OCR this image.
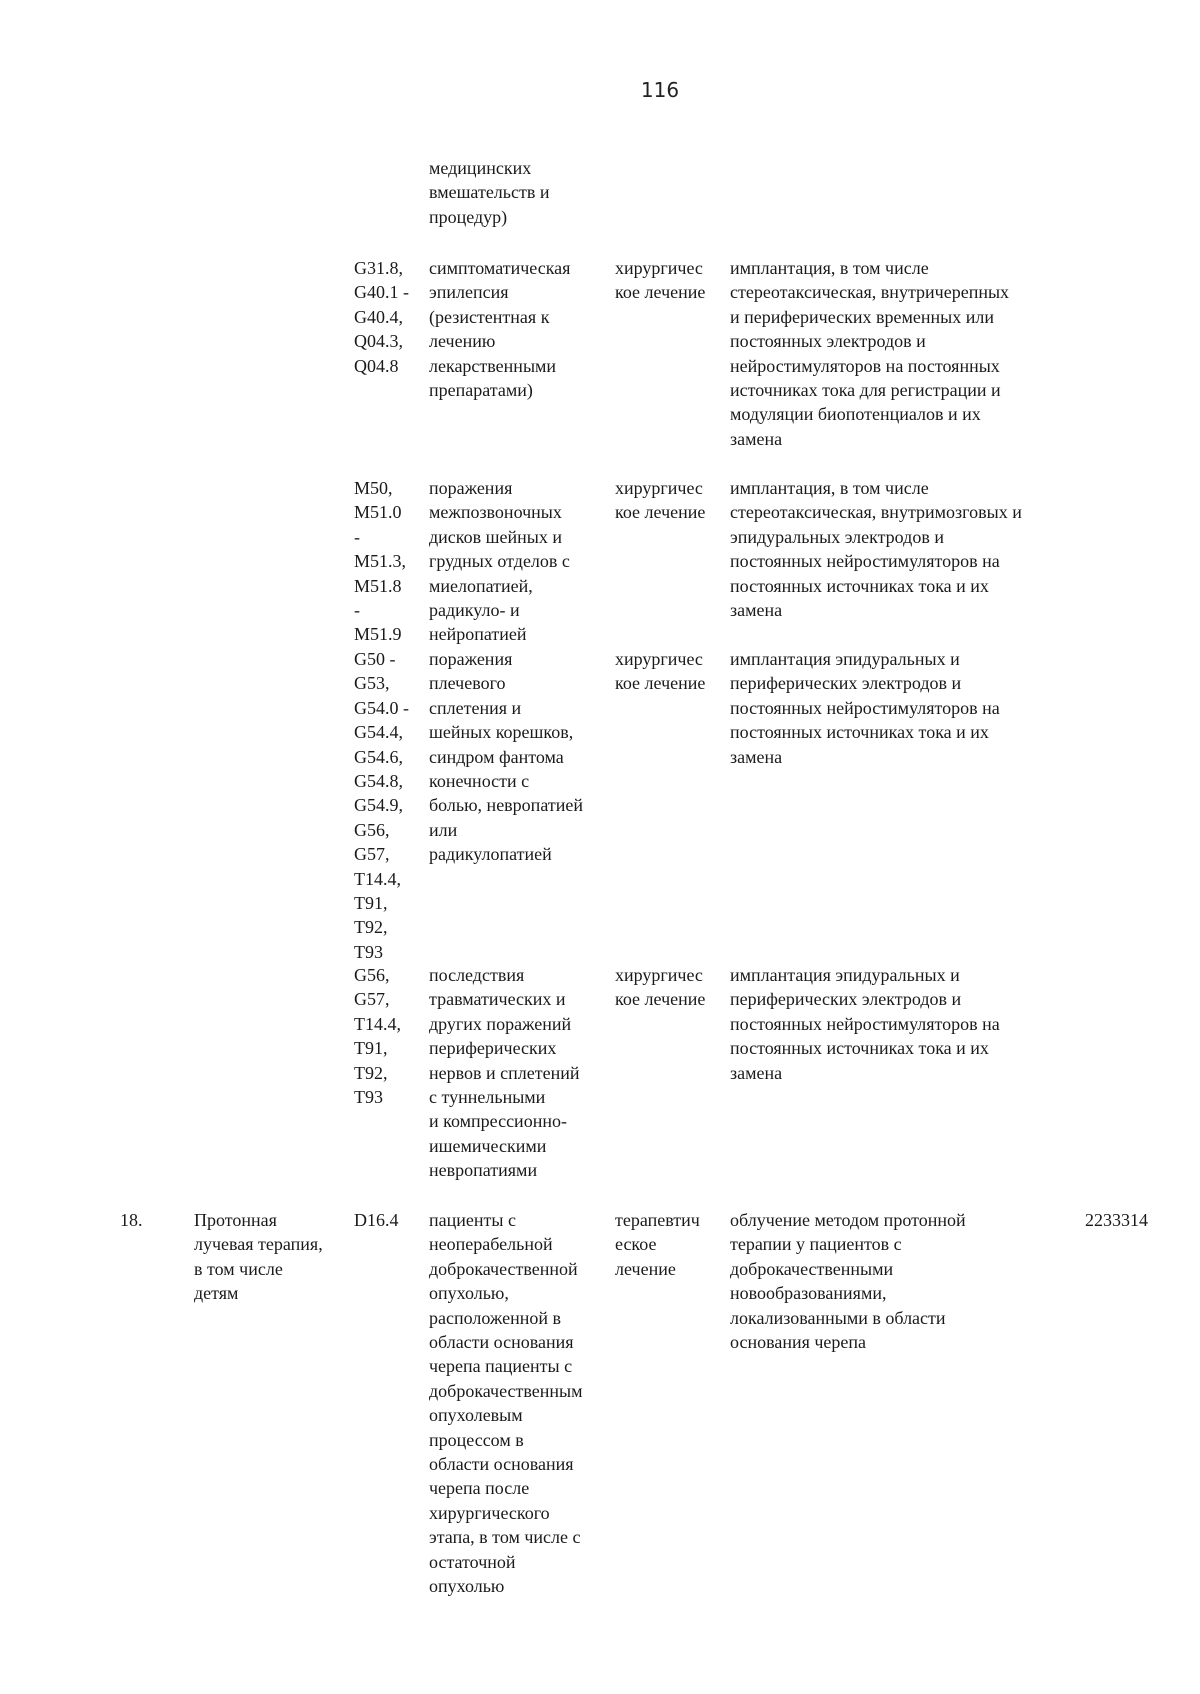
116
медицинских
вмешательств и
процедур)
G31.8,
G40.1 -
G40.4,
Q04.3,
Q04.8
симптоматическая
эпилепсия
(резистентная к
лечению
лекарственными
препаратами)
хирургичес
кое лечение
имплантация, в том числе
стереотаксическая, внутричерепных
и периферических временных или
постоянных электродов и
нейростимуляторов на постоянных
источниках тока для регистрации и
модуляции биопотенциалов и их
замена
M50,
M51.0
-
M51.3,
M51.8
-
M51.9
поражения
межпозвоночных
дисков шейных и
грудных отделов с
миелопатией,
радикуло- и
нейропатией
хирургичес
кое лечение
имплантация, в том числе
стереотаксическая, внутримозговых и
эпидуральных электродов и
постоянных нейростимуляторов на
постоянных источниках тока и их
замена
G50 -
G53,
G54.0 -
G54.4,
G54.6,
G54.8,
G54.9,
G56,
G57,
T14.4,
T91,
T92,
T93
поражения
плечевого
сплетения и
шейных корешков,
синдром фантома
конечности с
болью, невропатией
или
радикулопатией
хирургичес
кое лечение
имплантация эпидуральных и
периферических электродов и
постоянных нейростимуляторов на
постоянных источниках тока и их
замена
G56,
G57,
T14.4,
T91,
T92,
T93
последствия
травматических и
других поражений
периферических
нервов и сплетений
с туннельными
и компрессионно-
ишемическими
невропатиями
хирургичес
кое лечение
имплантация эпидуральных и
периферических электродов и
постоянных нейростимуляторов на
постоянных источниках тока и их
замена
18.	Протонная
лучевая терапия,
в том числе
детям
D16.4	пациенты с
неоперабельной
доброкачественной
опухолью,
расположенной в
области основания
черепа пациенты с
доброкачественным
опухолевым
процессом в
области основания
черепа после
хирургического
этапа, в том числе с
остаточной
опухолью
терапевтич
еское
лечение
облучение методом протонной
терапии у пациентов с
доброкачественными
новообразованиями,
локализованными в области
основания черепа
2233314
